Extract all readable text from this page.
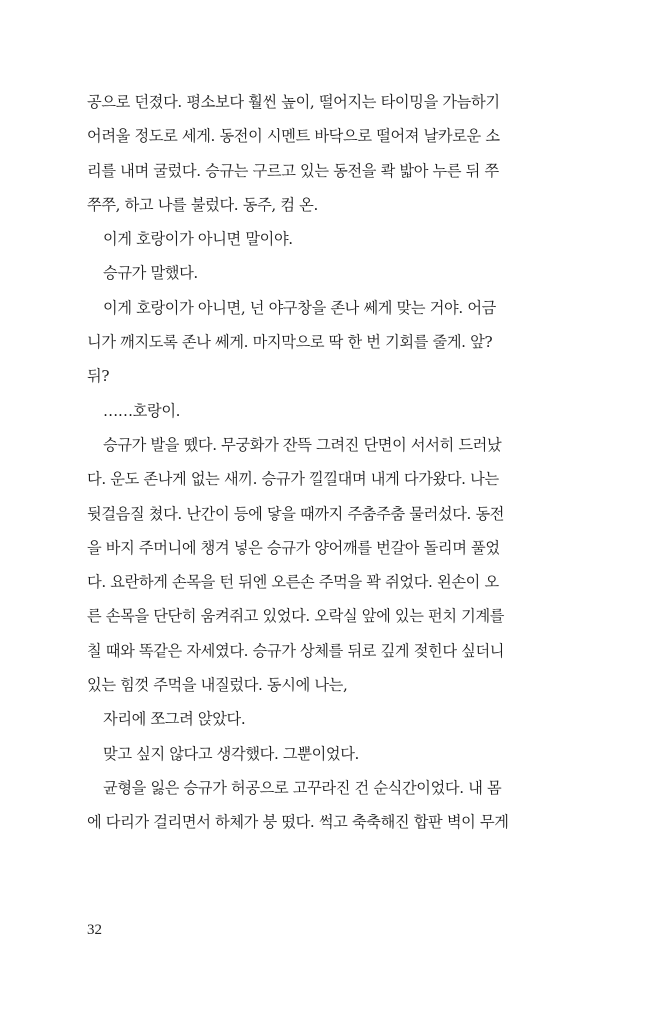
공으로 던졌다. 평소보다 훨씬 높이, 떨어지는 타이밍을 가늠하기
어려울 정도로 세게. 동전이 시멘트 바닥으로 떨어져 날카로운 소
리를 내며 굴렀다. 승규는 구르고 있는 동전을 콱 밟아 누른 뒤 쭈
쭈쭈, 하고 나를 불렀다. 동주, 컴 온.
이게 호랑이가 아니면 말이야.
승규가 말했다.
이게 호랑이가 아니면, 넌 야구창을 존나 쎄게 맞는 거야. 어금
니가 깨지도록 존나 쎄게. 마지막으로 딱 한 번 기회를 줄게. 앞?
뒤?
……호랑이.
승규가 발을 뗐다. 무궁화가 잔뜩 그려진 단면이 서서히 드러났
다. 운도 존나게 없는 새끼. 승규가 낄낄대며 내게 다가왔다. 나는
뒷걸음질 쳤다. 난간이 등에 닿을 때까지 주춤주춤 물러섰다. 동전
을 바지 주머니에 챙겨 넣은 승규가 양어깨를 번갈아 돌리며 풀었
다. 요란하게 손목을 턴 뒤엔 오른손 주먹을 꽉 쥐었다. 왼손이 오
른 손목을 단단히 움켜쥐고 있었다. 오락실 앞에 있는 펀치 기계를
칠 때와 똑같은 자세였다. 승규가 상체를 뒤로 깊게 젖힌다 싶더니
있는 힘껏 주먹을 내질렀다. 동시에 나는,
자리에 쪼그려 앉았다.
맞고 싶지 않다고 생각했다. 그뿐이었다.
균형을 잃은 승규가 허공으로 고꾸라진 건 순식간이었다. 내 몸
에 다리가 걸리면서 하체가 붕 떴다. 썩고 축축해진 합판 벽이 무게
32
